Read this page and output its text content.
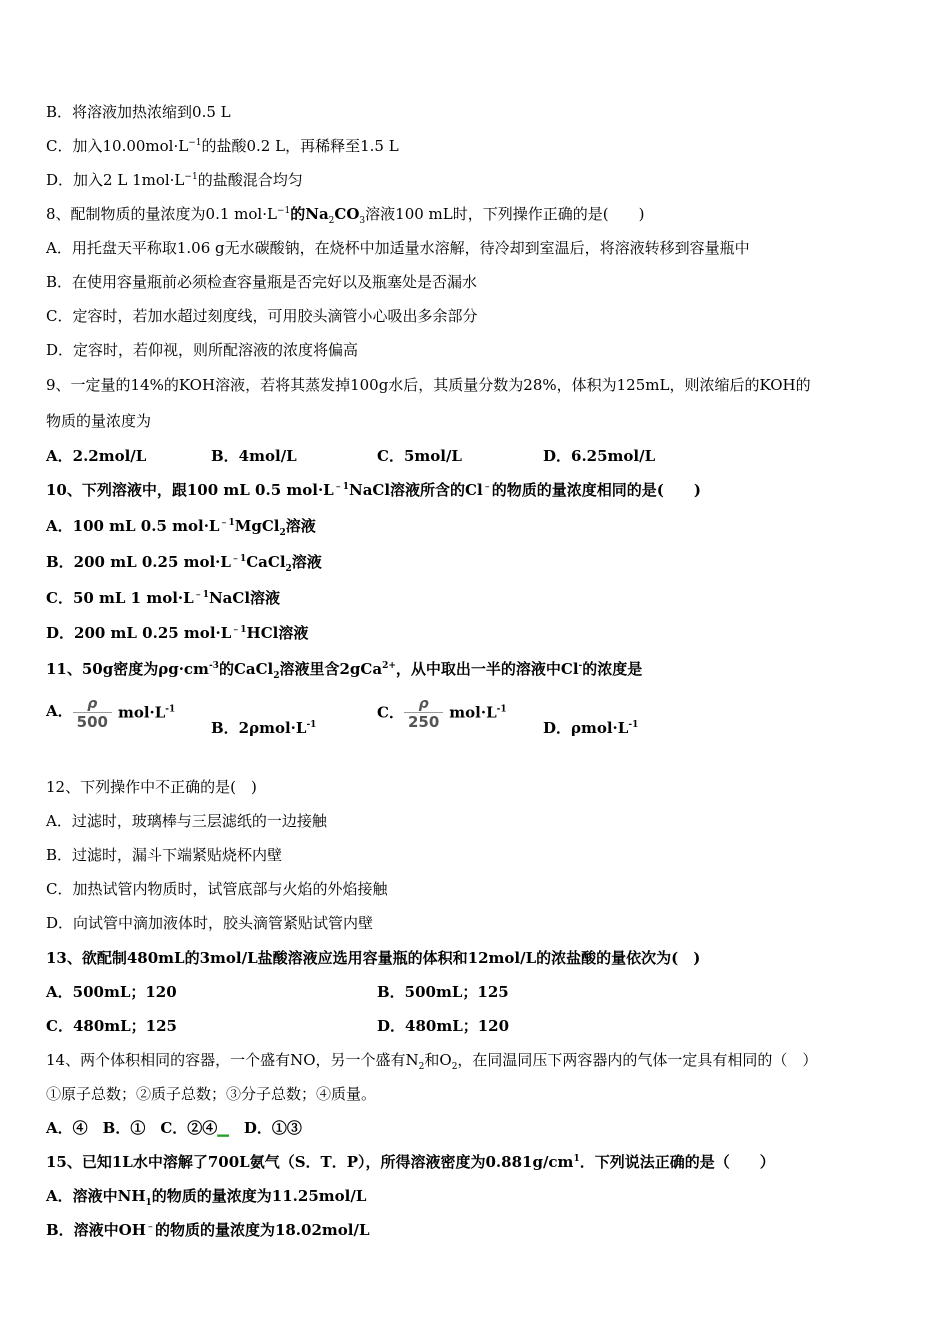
B．将溶液加热浓缩到0.5 L
C．加入$10.00mol\cdot L^{-1}$的盐酸0.2 L，再稀释至1.5 L
D．加入2 L $1mol\cdot L^{-1}$的盐酸混合均匀
8、配制物质的量浓度为0.1 $mol\cdot L^{-1}$的$Na_2CO_3$溶液100 mL时，下列操作正确的是(　　)
A．用托盘天平称取1.06 g无水碳酸钠，在烧杯中加适量水溶解，待冷却到室温后，将溶液转移到容量瓶中
B．在使用容量瓶前必须检查容量瓶是否完好以及瓶塞处是否漏水
C．定容时，若加水超过刻度线，可用胶头滴管小心吸出多余部分
D．定容时，若仰视，则所配溶液的浓度将偏高
9、一定量的14%的KOH溶液，若将其蒸发掉100g水后，其质量分数为28%，体积为125mL，则浓缩后的KOH的
物质的量浓度为
A．2.2mol/L	B．4mol/L	C．5mol/L	D．6.25mol/L
10、下列溶液中，跟100 mL 0.5 $mol\cdot L^{﹣1}NaCl$溶液所含的Cl﹣的物质的量浓度相同的是(　　)
A．100 mL 0.5 $mol\cdot L^{﹣1}MgCl_2$溶液
B．200 mL 0.25 $mol\cdot L^{﹣1}CaCl_2$溶液
C．50 mL 1 $mol\cdot L^{﹣1}NaCl$溶液
D．200 mL 0.25 $mol\cdot L^{﹣1}HCl$溶液
11、50g密度为$\rho g\cdot cm^{-3}$的CaCl$_2$溶液里含2gCa$^{2+}$，从中取出一半的溶液中Cl-的浓度是
A． $\frac{\rho}{500} mol\cdot L^{-1}$
B．$2\rho mol\cdot L^{-1}$
C． $\frac{\rho}{250} mol\cdot L^{-1}$
D．$\rho mol\cdot L^{-1}$
12、下列操作中不正确的是(　)
A．过滤时，玻璃棒与三层滤纸的一边接触
B．过滤时，漏斗下端紧贴烧杯内壁
C．加热试管内物质时，试管底部与火焰的外焰接触
D．向试管中滴加液体时，胶头滴管紧贴试管内壁
13、欲配制480mL的3mol/L盐酸溶液应选用容量瓶的体积和12mol/L的浓盐酸的量依次为(　)
A．500mL；120	B．500mL；125
C．480mL；125	D．480mL；120
14、两个体积相同的容器，一个盛有NO，另一个盛有$N_2$和$O_2$，在同温同压下两容器内的气体一定具有相同的（　）
①原子总数；②质子总数；③分子总数；④质量。
A．④　B．①　C．②④▁　 D．①③
15、已知1L水中溶解了700L氨气（S．T．P），所得溶液密度为$0.881g/cm^1$．下列说法正确的是（　　）
A．溶液中$NH_1$的物质的量浓度为11.25mol/L
B．溶液中OH﹣的物质的量浓度为18.02mol/L
